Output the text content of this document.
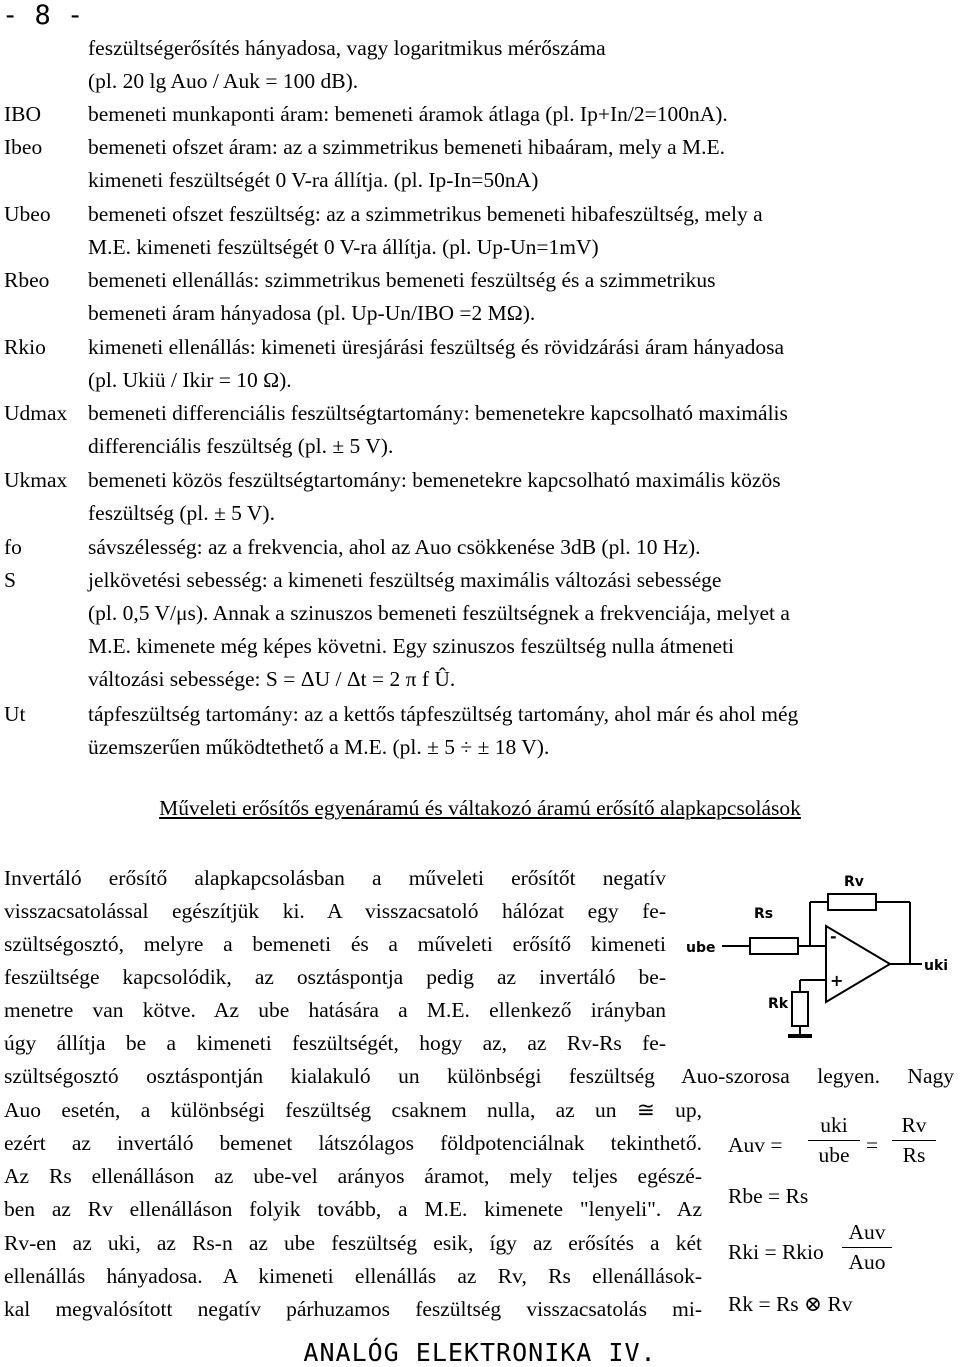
- 8 -
feszültségerősítés hányadosa, vagy logaritmikus mérőszáma
(pl. 20 lg Auo / Auk = 100 dB).
IBO bemeneti munkaponti áram: bemeneti áramok átlaga (pl. Ip+In/2=100nA).
Ibeo bemeneti ofszet áram: az a szimmetrikus bemeneti hibaáram, mely a M.E.
kimeneti feszültségét 0 V-ra állítja. (pl. Ip-In=50nA)
Ubeo bemeneti ofszet feszültség: az a szimmetrikus bemeneti hibafeszültség, mely a
M.E. kimeneti feszültségét 0 V-ra állítja. (pl. Up-Un=1mV)
Rbeo bemeneti ellenállás: szimmetrikus bemeneti feszültség és a szimmetrikus
bemeneti áram hányadosa (pl. Up-Un/IBO =2 MΩ).
Rkio kimeneti ellenállás: kimeneti üresjárási feszültség és rövidzárási áram hányadosa
(pl. Ukiü / Ikir = 10 Ω).
Udmax bemeneti differenciális feszültségtartomány: bemenetekre kapcsolható maximális
differenciális feszültség (pl. ± 5 V).
Ukmax bemeneti közös feszültségtartomány: bemenetekre kapcsolható maximális közös
feszültség (pl. ± 5 V).
fo	sávszélesség: az a frekvencia, ahol az Auo csökkenése 3dB (pl. 10 Hz).
S	jelkövetési sebesség: a kimeneti feszültség maximális változási sebessége
(pl. 0,5 V/μs). Annak a szinuszos bemeneti feszültségnek a frekvenciája, melyet a
M.E. kimenete még képes követni. Egy szinuszos feszültség nulla átmeneti
változási sebessége: S = ΔU / Δt = 2 π f Û.
Ut	tápfeszültség tartomány: az a kettős tápfeszültség tartomány, ahol már és ahol még
üzemszerűen működtethető a M.E. (pl. ± 5 ÷ ± 18 V).
Műveleti erősítős egyenáramú és váltakozó áramú erősítő alapkapcsolások
Invertáló erősítő alapkapcsolásban a műveleti erősítőt negatív
visszacsatolással egészítjük ki. A visszacsatoló hálózat egy fe-
szültségosztó, melyre a bemeneti és a műveleti erősítő kimeneti
feszültsége kapcsolódik, az osztáspontja pedig az invertáló be-
menetre van kötve. Az ube hatására a M.E. ellenkező irányban
úgy állítja be a kimeneti feszültségét, hogy az, az Rv-Rs fe-
szültségosztó osztáspontján kialakuló un különbségi feszültség Auo-szorosa legyen. Nagy
Auo esetén, a különbségi feszültség csaknem nulla, az un ≅ up,
ezért az invertáló bemenet látszólagos földpotenciálnak tekinthető.
Az Rs ellenálláson az ube-vel arányos áramot, mely teljes egészé-
ben az Rv ellenálláson folyik tovább, a M.E. kimenete "lenyeli". Az
Rv-en az uki, az Rs-n az ube feszültség esik, így az erősítés a két
ellenállás hányadosa. A kimeneti ellenállás az Rv, Rs ellenállások-
kal megvalósított negatív párhuzamos feszültség visszacsatolás mi-
Rv
Rs
ube
uki
Rk
-
+
Auv =
uki
ube =
Rv
Rs
Rbe = Rs
Rki = Rkio
Auv
Auo
Rk = Rs ⊗ Rv
ANALÓG ELEKTRONIKA IV.
